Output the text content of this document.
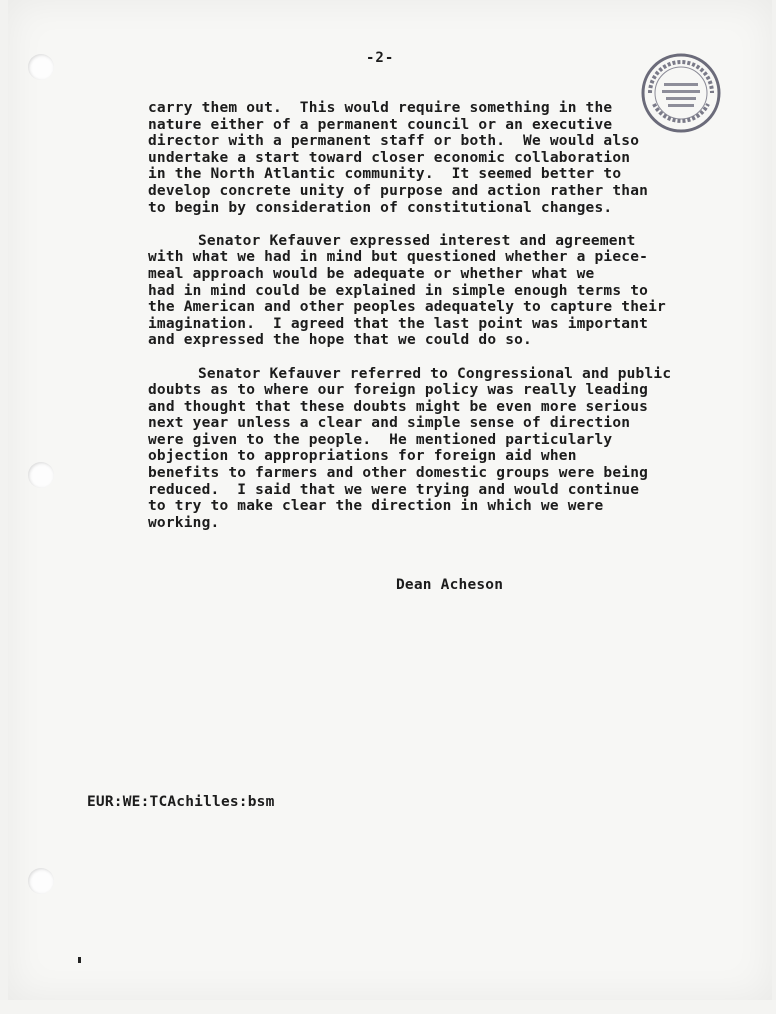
-2-
carry them out.  This would require something in the
nature either of a permanent council or an executive
director with a permanent staff or both.  We would also
undertake a start toward closer economic collaboration
in the North Atlantic community.  It seemed better to
develop concrete unity of purpose and action rather than
to begin by consideration of constitutional changes.
Senator Kefauver expressed interest and agreement
with what we had in mind but questioned whether a piece-
meal approach would be adequate or whether what we
had in mind could be explained in simple enough terms to
the American and other peoples adequately to capture their
imagination.  I agreed that the last point was important
and expressed the hope that we could do so.
Senator Kefauver referred to Congressional and public
doubts as to where our foreign policy was really leading
and thought that these doubts might be even more serious
next year unless a clear and simple sense of direction
were given to the people.  He mentioned particularly
objection to appropriations for foreign aid when
benefits to farmers and other domestic groups were being
reduced.  I said that we were trying and would continue
to try to make clear the direction in which we were
working.
Dean Acheson
EUR:WE:TCAchilles:bsm
